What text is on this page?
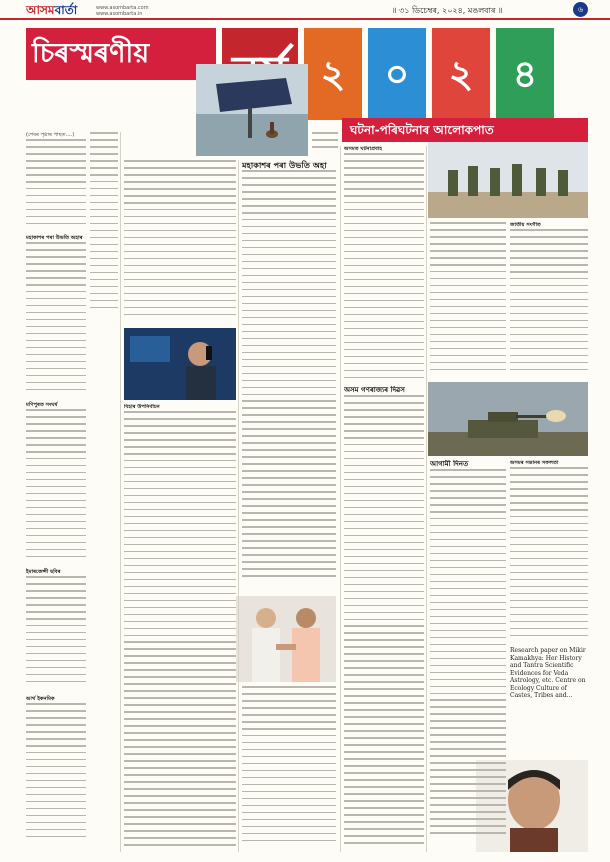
আসমবাৰ্তা	www.asombarta.com
www.asombarta.in	॥ ৩১ ডিচেম্বৰ, ২০২৪, মঙলবাৰ ॥	৬
চিৰস্মৰণীয়	২	০	২	৪
ঘটনা-পৰিঘটনাৰ আলোকপাত
(শেষৰ পৃষ্ঠাৰ পাছত....)
মহাকাশৰ পৰা উভতি অহাৰ
মণিপুৰত সংঘৰ্ষ
ইমাৰজেন্সী ছবিৰ
আৰ্থ ইকনমিক
বিহাৰ উপনিৰ্বাচন
মহাকাশৰ পৰা উভতি অহা
অসমত ঘটনাপ্ৰবাহ
অসম গণৰাজ্যৰ দিৱস
জাতীয় সংগীত
আগামী দিনত	অসমৰ সন্তানৰ সফলতা
Research paper on Mikir Kamakhya: Her History and Tantra Scientific Evidences for Veda Astrology, etc. Centre on Ecology Culture of Castes, Tribes and...
